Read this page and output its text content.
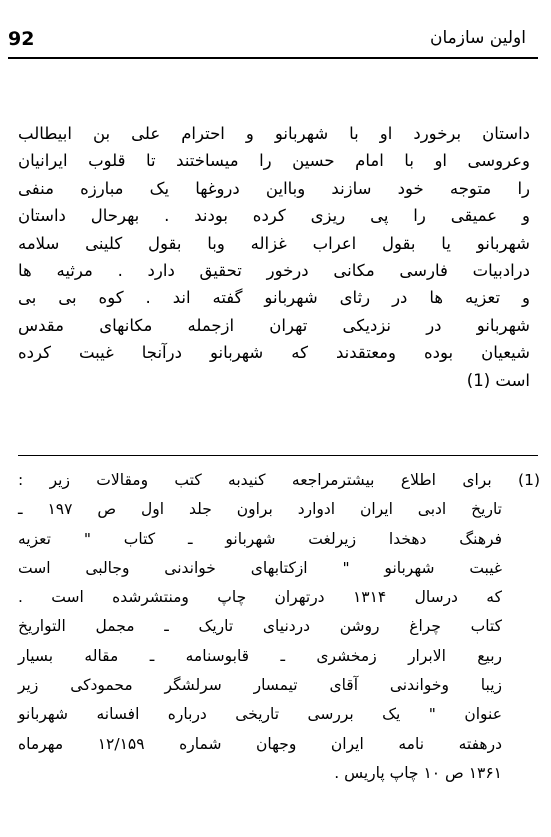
اولین سازمان
92
داستان برخورد او با شهربانو و احترام علی بن ابیطالب
وعروسی او با امام حسین را میساختند تا قلوب ایرانیان
را متوجه خود سازند وبااین دروغها یک مبارزه منفی
و عمیقی را پی ریزی کرده بودند . بهرحال داستان
شهربانو یا بقول اعراب غزاله وبا بقول کلینی سلامه
درادبیات فارسی مکانی درخور تحقیق دارد . مرثیه ها
و تعزیه ها در رثای شهربانو گفته اند . کوه بی بی
شهربانو در نزدیکی تهران ازجمله مکانهای مقدس
شیعیان بوده ومعتقدند که شهربانو درآنجا غیبت کرده
است (1)
(1) برای اطلاع بیشترمراجعه کنیدبه کتب ومقالات زیر :
تاریخ ادبی ایران ادوارد براون جلد اول ص ۱۹۷ ـ
فرهنگ دهخدا زیرلغت شهربانو ـ کتاب " تعزیه
غیبت شهربانو " ازکتابهای خواندنی وجالبی است
که درسال ۱۳۱۴ درتهران چاپ ومنتشرشده است .
کتاب چراغ روشن دردنیای تاریک ـ مجمل التواریخ
ربیع الابرار زمخشری ـ قابوسنامه ـ مقاله بسیار
زیبا وخواندنی آقای تیمسار سرلشگر محمودکی زیر
عنوان " یک بررسی تاریخی درباره افسانه شهربانو
درهفته نامه ایران وجهان شماره ۱۲/۱۵۹ مهرماه
۱۳۶۱ ص ۱۰ چاپ پاریس .
